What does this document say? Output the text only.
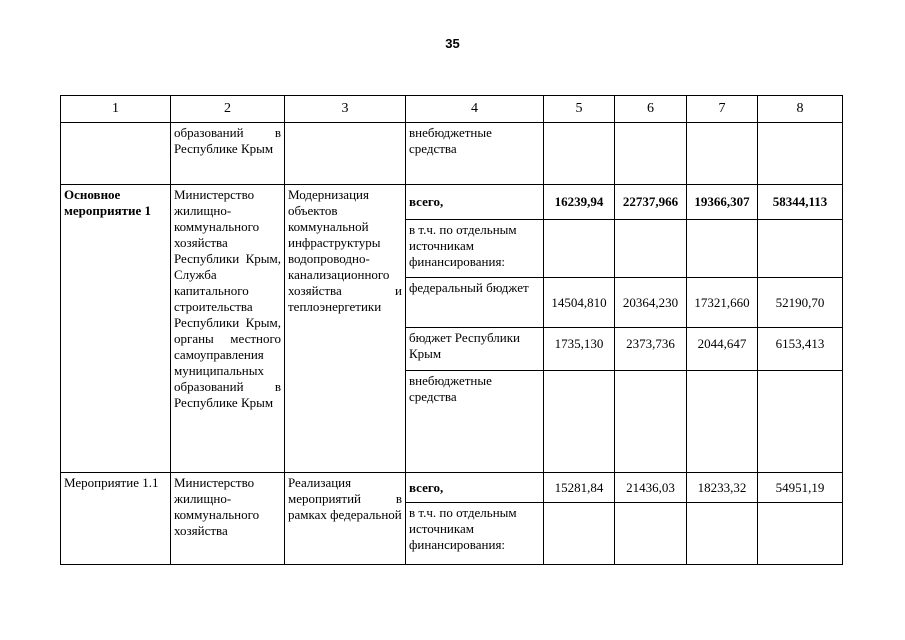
35
1	2	3	4	5	6	7	8
	образований в Республике Крым		внебюджетные средства				
Основное мероприятие 1	Министерство жилищно-коммунального хозяйства Республики Крым, Служба капитального строительства Республики Крым, органы местного самоуправления муниципальных образований в Республике Крым	Модернизация объектов коммунальной инфраструктуры водопроводно-канализационного хозяйства и теплоэнергетики	всего,	16239,94	22737,966	19366,307	58344,113
			в т.ч. по отдельным источникам финансирования:				
			федеральный бюджет	14504,810	20364,230	17321,660	52190,70
			бюджет Республики Крым	1735,130	2373,736	2044,647	6153,413
			внебюджетные средства				
Мероприятие 1.1	Министерство жилищно-коммунального хозяйства	Реализация мероприятий в рамках федеральной	всего,	15281,84	21436,03	18233,32	54951,19
			в т.ч. по отдельным источникам финансирования:				
